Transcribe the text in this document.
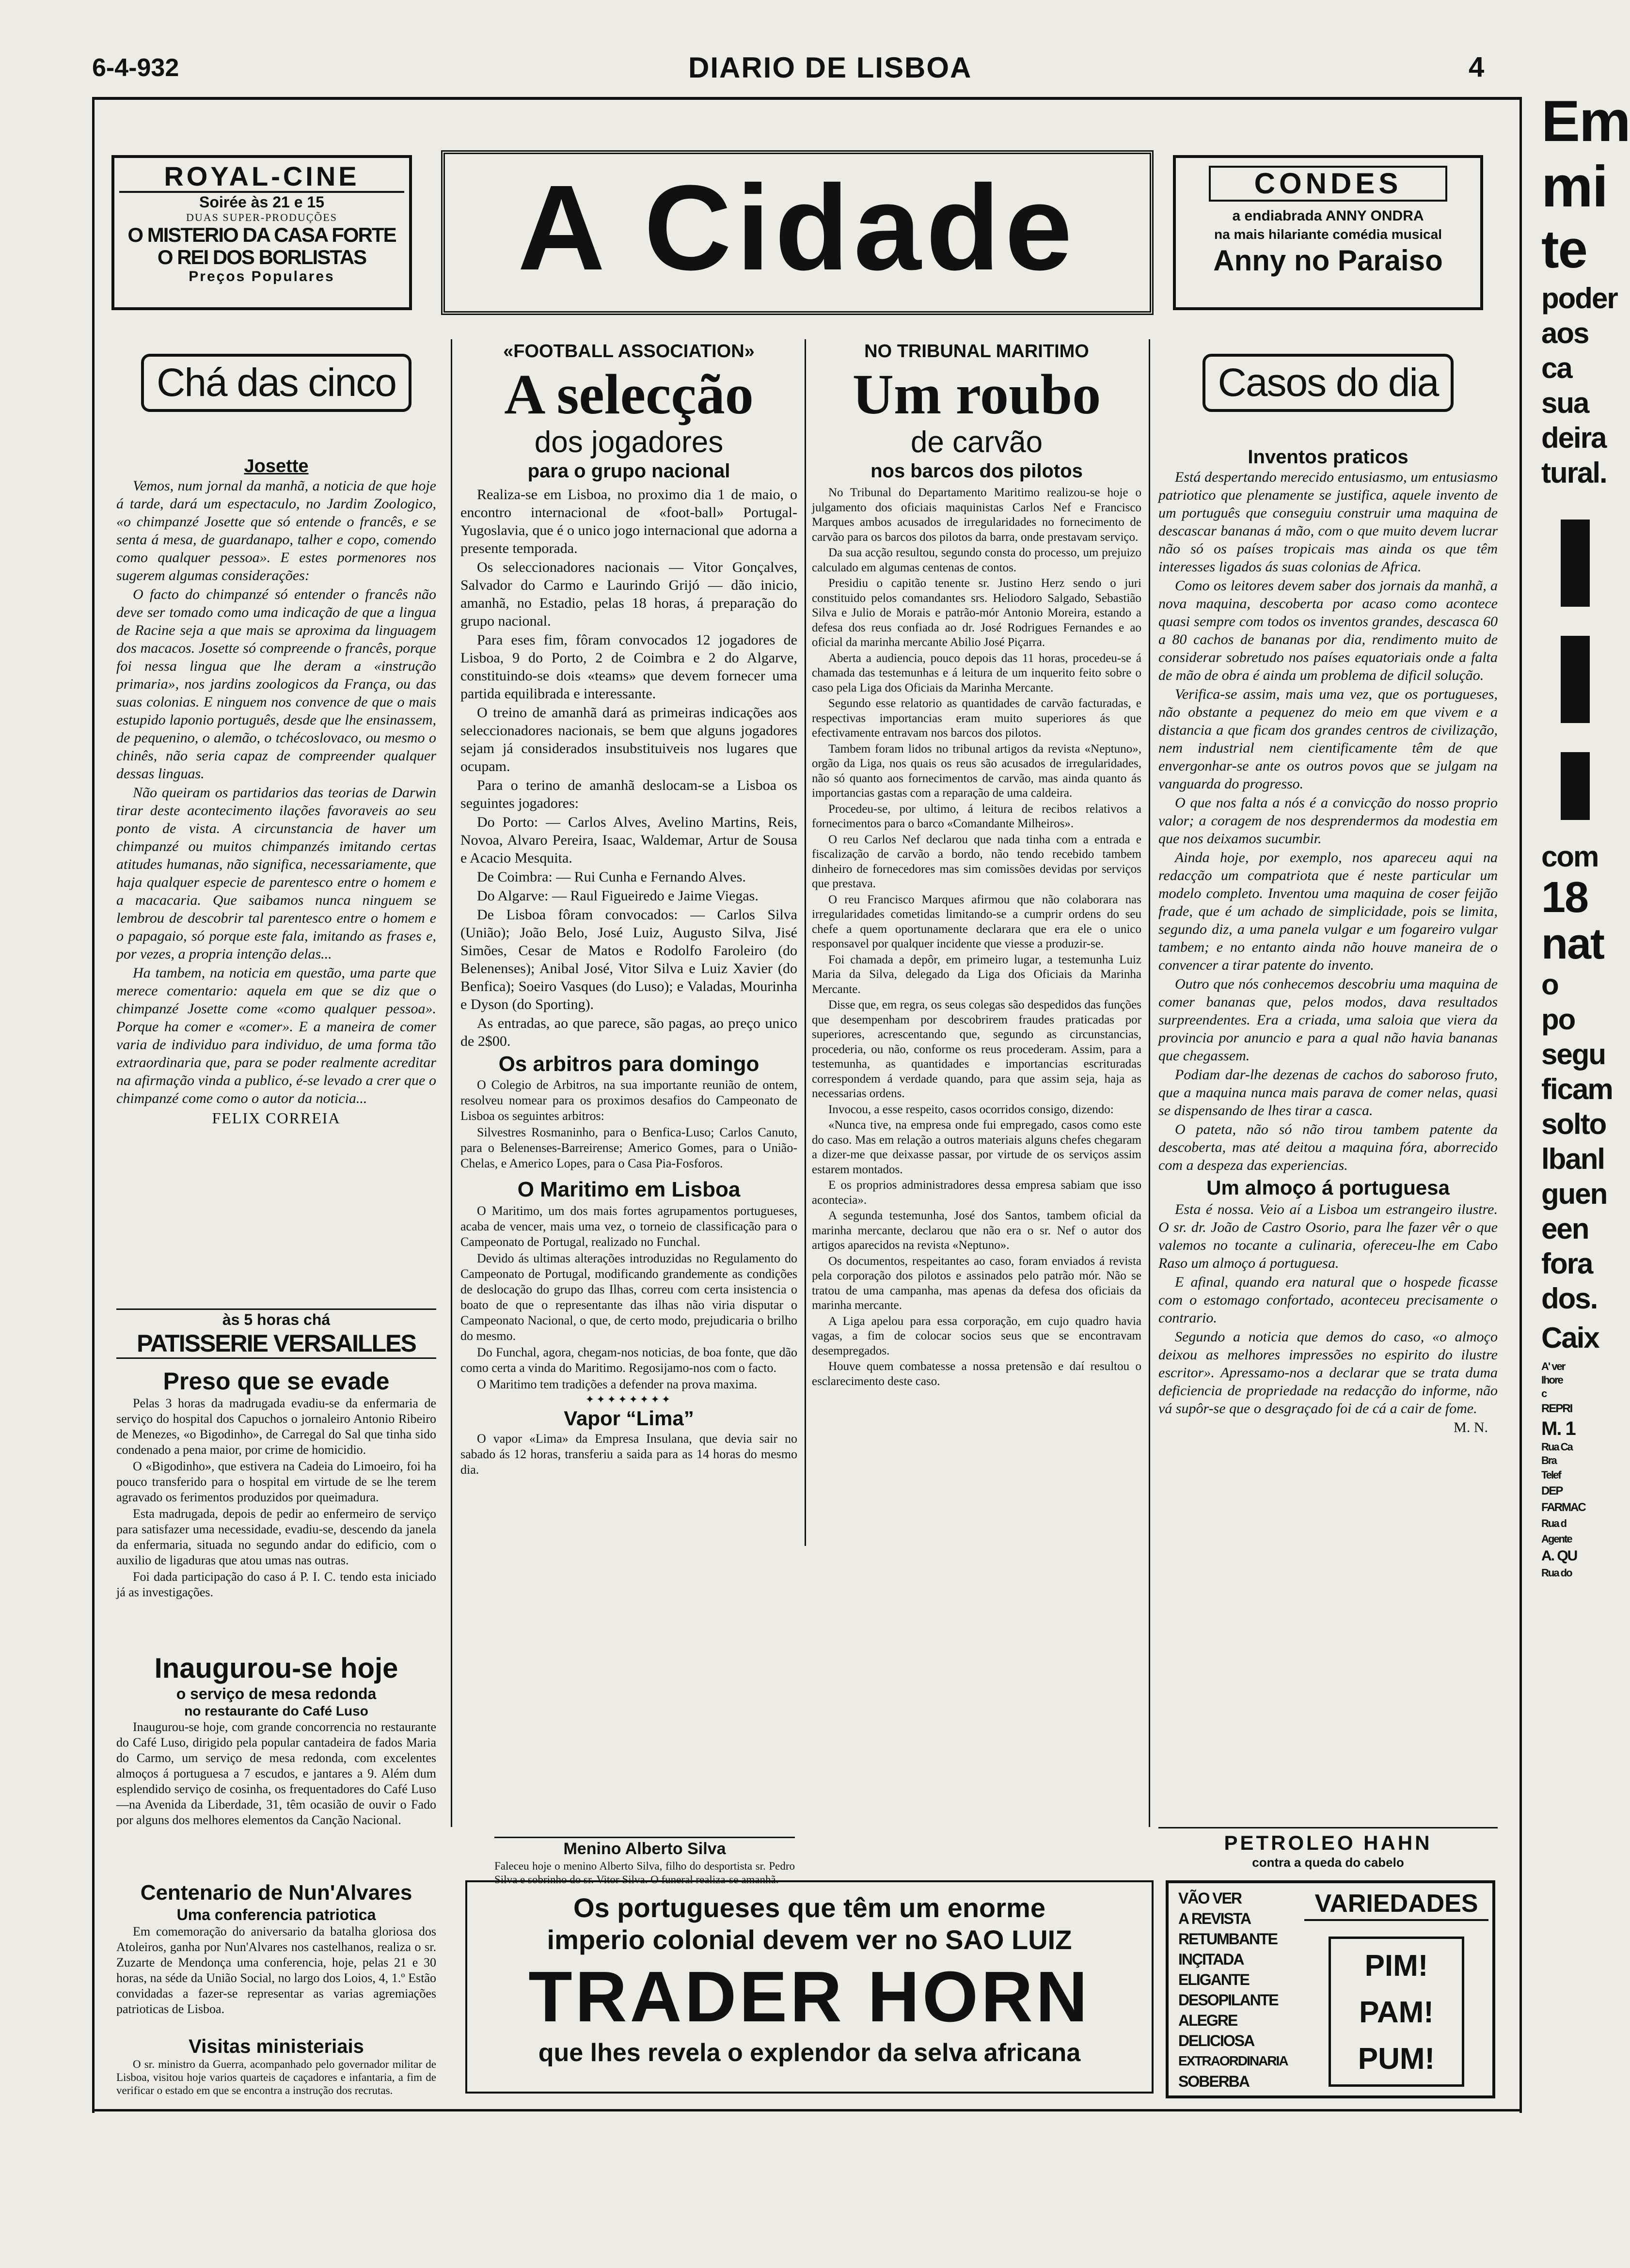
6-4-932	DIARIO DE LISBOA	4
ROYAL-CINE
Soirée às 21 e 15
DUAS SUPER-PRODUÇÕES
O MISTERIO DA CASA FORTE
O REI DOS BORLISTAS
Preços Populares	A Cidade	CONDES
a endiabrada ANNY ONDRA
na mais hilariante comédia musical
Anny no Paraiso
Chá das cinco
Josette

Vemos, num jornal da manhã, a noticia de que hoje á tarde, dará um espectaculo, no Jardim Zoologico, «o chimpanzé Josette que só entende o francês, e se senta á mesa, de guardanapo, talher e copo, comendo como qualquer pessoa». E estes pormenores nos sugerem algumas considerações:

O facto do chimpanzé só entender o francês não deve ser tomado como uma indicação de que a lingua de Racine seja a que mais se aproxima da linguagem dos macacos. Josette só compreende o francês, porque foi nessa lingua que lhe deram a «instrução primaria», nos jardins zoologicos da França, ou das suas colonias. E ninguem nos convence de que o mais estupido laponio português, desde que lhe ensinassem, de pequenino, o alemão, o tchécoslovaco, ou mesmo o chinês, não seria capaz de compreender qualquer dessas linguas.

Não queiram os partidarios das teorias de Darwin tirar deste acontecimento ilações favoraveis ao seu ponto de vista. A circunstancia de haver um chimpanzé ou muitos chimpanzés imitando certas atitudes humanas, não significa, necessariamente, que haja qualquer especie de parentesco entre o homem e a macacaria. Que saibamos nunca ninguem se lembrou de descobrir tal parentesco entre o homem e o papagaio, só porque este fala, imitando as frases e, por vezes, a propria intenção delas...

Ha tambem, na noticia em questão, uma parte que merece comentario: aquela em que se diz que o chimpanzé Josette come «como qualquer pessoa». Porque ha comer e «comer». E a maneira de comer varia de individuo para individuo, de uma forma tão extraordinaria que, para se poder realmente acreditar na afirmação vinda a publico, é-se levado a crer que o chimpanzé come como o autor da noticia...

FELIX CORREIA
às 5 horas chá
PATISSERIE VERSAILLES
Preso que se evade

Pelas 3 horas da madrugada evadiu-se da enfermaria de serviço do hospital dos Capuchos o jornaleiro Antonio Ribeiro de Menezes, «o Bigodinho», de Carregal do Sal que tinha sido condenado a pena maior, por crime de homicidio.

O «Bigodinho», que estivera na Cadeia do Limoeiro, foi ha pouco transferido para o hospital em virtude de se lhe terem agravado os ferimentos produzidos por queimadura.

Esta madrugada, depois de pedir ao enfermeiro de serviço para satisfazer uma necessidade, evadiu-se, descendo da janela da enfermaria, situada no segundo andar do edificio, com o auxilio de ligaduras que atou umas nas outras.

Foi dada participação do caso á P. I. C. tendo esta iniciado já as investigações.

Inaugurou-se hoje
o serviço de mesa redonda
no restaurante do Café Luso

Inaugurou-se hoje, com grande concorrencia no restaurante do Café Luso, dirigido pela popular cantadeira de fados Maria do Carmo, um serviço de mesa redonda, com excelentes almoços á portuguesa a 7 escudos, e jantares a 9. Além dum esplendido serviço de cosinha, os frequentadores do Café Luso—na Avenida da Liberdade, 31, têm ocasião de ouvir o Fado por alguns dos melhores elementos da Canção Nacional.

Centenario de Nun'Alvares
Uma conferencia patriotica

Em comemoração do aniversario da batalha gloriosa dos Atoleiros, ganha por Nun'Alvares nos castelhanos, realiza o sr. Zuzarte de Mendonça uma conferencia, hoje, pelas 21 e 30 horas, na séde da União Social, no largo dos Loios, 4, 1.º Estão convidadas a fazer-se representar as varias agremiações patrioticas de Lisboa.

Visitas ministeriais

O sr. ministro da Guerra, acompanhado pelo governador militar de Lisboa, visitou hoje varios quarteis de caçadores e infantaria, a fim de verificar o estado em que se encontra a instrução dos recrutas.

«FOOTBALL ASSOCIATION»
A selecção
dos jogadores
para o grupo nacional

Realiza-se em Lisboa, no proximo dia 1 de maio, o encontro internacional de «foot-ball» Portugal-Yugoslavia, que é o unico jogo internacional que adorna a presente temporada.

Os seleccionadores nacionais — Vitor Gonçalves, Salvador do Carmo e Laurindo Grijó — dão inicio, amanhã, no Estadio, pelas 18 horas, á preparação do grupo nacional.

Para eses fim, fôram convocados 12 jogadores de Lisboa, 9 do Porto, 2 de Coimbra e 2 do Algarve, constituindo-se dois «teams» que devem fornecer uma partida equilibrada e interessante.

O treino de amanhã dará as primeiras indicações aos seleccionadores nacionais, se bem que alguns jogadores sejam já considerados insubstituiveis nos lugares que ocupam.

Para o terino de amanhã deslocam-se a Lisboa os seguintes jogadores:

Do Porto: — Carlos Alves, Avelino Martins, Reis, Novoa, Alvaro Pereira, Isaac, Waldemar, Artur de Sousa e Acacio Mesquita.

De Coimbra: — Rui Cunha e Fernando Alves.

Do Algarve: — Raul Figueiredo e Jaime Viegas.

De Lisboa fôram convocados: — Carlos Silva (União); João Belo, José Luiz, Augusto Silva, Jisé Simões, Cesar de Matos e Rodolfo Faroleiro (do Belenenses); Anibal José, Vitor Silva e Luiz Xavier (do Benfica); Soeiro Vasques (do Luso); e Valadas, Mourinha e Dyson (do Sporting).

As entradas, ao que parece, são pagas, ao preço unico de 2$00.

Os arbitros para domingo

O Colegio de Arbitros, na sua importante reunião de ontem, resolveu nomear para os proximos desafios do Campeonato de Lisboa os seguintes arbitros:

Silvestres Rosmaninho, para o Benfica-Luso; Carlos Canuto, para o Belenenses-Barreirense; Americo Gomes, para o União-Chelas, e Americo Lopes, para o Casa Pia-Fosforos.

O Maritimo em Lisboa

O Maritimo, um dos mais fortes agrupamentos portugueses, acaba de vencer, mais uma vez, o torneio de classificação para o Campeonato de Portugal, realizado no Funchal.

Devido ás ultimas alterações introduzidas no Regulamento do Campeonato de Portugal, modificando grandemente as condições de deslocação do grupo das Ilhas, correu com certa insistencia o boato de que o representante das ilhas não viria disputar o Campeonato Nacional, o que, de certo modo, prejudicaria o brilho do mesmo.

Do Funchal, agora, chegam-nos noticias, de boa fonte, que dão como certa a vinda do Maritimo. Regosijamo-nos com o facto.

O Maritimo tem tradições a defender na prova maxima.

✦✦✦✦✦✦✦✦
Vapor “Lima”

O vapor «Lima» da Empresa Insulana, que devia sair no sabado ás 12 horas, transferiu a saida para as 14 horas do mesmo dia.

NO TRIBUNAL MARITIMO
Um roubo
de carvão
nos barcos dos pilotos

No Tribunal do Departamento Maritimo realizou-se hoje o julgamento dos oficiais maquinistas Carlos Nef e Francisco Marques ambos acusados de irregularidades no fornecimento de carvão para os barcos dos pilotos da barra, onde prestavam serviço.

Da sua acção resultou, segundo consta do processo, um prejuizo calculado em algumas centenas de contos.

Presidiu o capitão tenente sr. Justino Herz sendo o juri constituido pelos comandantes srs. Heliodoro Salgado, Sebastião Silva e Julio de Morais e patrão-mór Antonio Moreira, estando a defesa dos reus confiada ao dr. José Rodrigues Fernandes e ao oficial da marinha mercante Abilio José Piçarra.

Aberta a audiencia, pouco depois das 11 horas, procedeu-se á chamada das testemunhas e á leitura de um inquerito feito sobre o caso pela Liga dos Oficiais da Marinha Mercante.

Segundo esse relatorio as quantidades de carvão facturadas, e respectivas importancias eram muito superiores ás que efectivamente entravam nos barcos dos pilotos.

Tambem foram lidos no tribunal artigos da revista «Neptuno», orgão da Liga, nos quais os reus são acusados de irregularidades, não só quanto aos fornecimentos de carvão, mas ainda quanto ás importancias gastas com a reparação de uma caldeira.

Procedeu-se, por ultimo, á leitura de recibos relativos a fornecimentos para o barco «Comandante Milheiros».

O reu Carlos Nef declarou que nada tinha com a entrada e fiscalização de carvão a bordo, não tendo recebido tambem dinheiro de fornecedores mas sim comissões devidas por serviços que prestava.

O reu Francisco Marques afirmou que não colaborara nas irregularidades cometidas limitando-se a cumprir ordens do seu chefe a quem oportunamente declarara que era ele o unico responsavel por qualquer incidente que viesse a produzir-se.

Foi chamada a depôr, em primeiro lugar, a testemunha Luiz Maria da Silva, delegado da Liga dos Oficiais da Marinha Mercante.

Disse que, em regra, os seus colegas são despedidos das funções que desempenham por descobrirem fraudes praticadas por superiores, acrescentando que, segundo as circunstancias, procederia, ou não, conforme os reus procederam. Assim, para a testemunha, as quantidades e importancias escrituradas correspondem á verdade quando, para que assim seja, haja as necessarias ordens.

Invocou, a esse respeito, casos ocorridos consigo, dizendo:

«Nunca tive, na empresa onde fui empregado, casos como este do caso. Mas em relação a outros materiais alguns chefes chegaram a dizer-me que deixasse passar, por virtude de os serviços assim estarem montados.

E os proprios administradores dessa empresa sabiam que isso acontecia».

A segunda testemunha, José dos Santos, tambem oficial da marinha mercante, declarou que não era o sr. Nef o autor dos artigos aparecidos na revista «Neptuno».

Os documentos, respeitantes ao caso, foram enviados á revista pela corporação dos pilotos e assinados pelo patrão mór. Não se tratou de uma campanha, mas apenas da defesa dos oficiais da marinha mercante.

A Liga apelou para essa corporação, em cujo quadro havia vagas, a fim de colocar socios seus que se encontravam desempregados.

Houve quem combatesse a nossa pretensão e daí resultou o esclarecimento deste caso.

Menino Alberto Silva
Faleceu hoje o menino Alberto Silva, filho do desportista sr. Pedro Silva e sobrinho do sr. Vitor Silva. O funeral realiza-se amanhã.
Casos do dia
Inventos praticos

Está despertando merecido entusiasmo, um entusiasmo patriotico que plenamente se justifica, aquele invento de um português que conseguiu construir uma maquina de descascar bananas á mão, com o que muito devem lucrar não só os países tropicais mas ainda os que têm interesses ligados ás suas colonias de Africa.

Como os leitores devem saber dos jornais da manhã, a nova maquina, descoberta por acaso como acontece quasi sempre com todos os inventos grandes, descasca 60 a 80 cachos de bananas por dia, rendimento muito de considerar sobretudo nos países equatoriais onde a falta de mão de obra é ainda um problema de dificil solução.

Verifica-se assim, mais uma vez, que os portugueses, não obstante a pequenez do meio em que vivem e a distancia a que ficam dos grandes centros de civilização, nem industrial nem cientificamente têm de que envergonhar-se ante os outros povos que se julgam na vanguarda do progresso.

O que nos falta a nós é a convicção do nosso proprio valor; a coragem de nos desprendermos da modestia em que nos deixamos sucumbir.

Ainda hoje, por exemplo, nos apareceu aqui na redacção um compatriota que é neste particular um modelo completo. Inventou uma maquina de coser feijão frade, que é um achado de simplicidade, pois se limita, segundo diz, a uma panela vulgar e um fogareiro vulgar tambem; e no entanto ainda não houve maneira de o convencer a tirar patente do invento.

Outro que nós conhecemos descobriu uma maquina de comer bananas que, pelos modos, dava resultados surpreendentes. Era a criada, uma saloia que viera da provincia por anuncio e para a qual não havia bananas que chegassem.

Podiam dar-lhe dezenas de cachos do saboroso fruto, que a maquina nunca mais parava de comer nelas, quasi se dispensando de lhes tirar a casca.

O pateta, não só não tirou tambem patente da descoberta, mas até deitou a maquina fóra, aborrecido com a despeza das experiencias.

Um almoço á portuguesa

Esta é nossa. Veio aí a Lisboa um estrangeiro ilustre. O sr. dr. João de Castro Osorio, para lhe fazer vêr o que valemos no tocante a culinaria, ofereceu-lhe em Cabo Raso um almoço á portuguesa.

E afinal, quando era natural que o hospede ficasse com o estomago confortado, aconteceu precisamente o contrario.

Segundo a noticia que demos do caso, «o almoço deixou as melhores impressões no espirito do ilustre escritor». Apressamo-nos a declarar que se trata duma deficiencia de propriedade na redacção do informe, não vá supôr-se que o desgraçado foi de cá a cair de fome.

M. N.
PETROLEO HAHN
contra a queda do cabelo
Os portugueses que têm um enorme
imperio colonial devem ver no SAO LUIZ
TRADER HORN
que lhes revela o explendor da selva africana
VÃO VER
A REVISTA
RETUMBANTE
INÇITADA
ELIGANTE
DESOPILANTE
ALEGRE
DELICIOSA
EXTRAORDINARIA
SOBERBA
VARIEDADES
PIM!
PAM!
PUM!
Em
mi
te
poder
aos ca
sua
deira
tural.
com
18
nat
o po
segu
ficam
solto
lbanl
guen
een
fora
dos.
Caix
A' ver
Ihore
c
REPRI
M. 1
Rua Ca
Bra
Telef
DEP
FARMAC
Rua d
Agente
A. QU
Rua do
